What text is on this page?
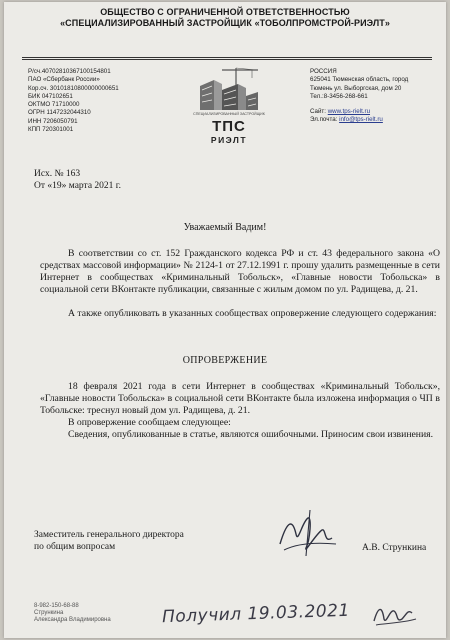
ОБЩЕСТВО С ОГРАНИЧЕННОЙ ОТВЕТСТВЕННОСТЬЮ
«СПЕЦИАЛИЗИРОВАННЫЙ ЗАСТРОЙЩИК «ТОБОЛПРОМСТРОЙ-РИЭЛТ»
Р/сч.40702810367100154801
ПАО «Сбербанк России»
Кор.сч. 30101810800000000651
БИК 047102651
ОКТМО 71710000
ОГРН 1147232044310
ИНН 7206050791
КПП 720301001
СПЕЦИАЛИЗИРОВАННЫЙ ЗАСТРОЙЩИК
ТПС
РИЭЛТ
РОССИЯ
625041 Тюменская область, город
Тюмень ул. Выборгская, дом 20
Тел.:8-3456-268-661
Сайт: www.tps-rielt.ru
Эл.почта: info@tps-rielt.ru
Исх. № 163
От «19» марта 2021 г.
Уважаемый Вадим!
В соответствии со ст. 152 Гражданского кодекса РФ и ст. 43 федерального закона «О средствах массовой информации» № 2124-1 от 27.12.1991 г. прошу удалить размещенные в сети Интернет в сообществах «Криминальный Тобольск», «Главные новости Тобольска» в социальной сети ВКонтакте публикации, связанные с жилым домом по ул. Радищева, д. 21.
А также опубликовать в указанных сообществах опровержение следующего содержания:
ОПРОВЕРЖЕНИЕ
18 февраля 2021 года в сети Интернет в сообществах «Криминальный Тобольск», «Главные новости Тобольска» в социальной сети ВКонтакте была изложена информация о ЧП в Тобольске: треснул новый дом ул. Радищева, д. 21.
В опровержение сообщаем следующее:
Сведения, опубликованные в статье, являются ошибочными. Приносим свои извинения.
Заместитель генерального директора
по общим вопросам	А.В. Стрункина
8-982-150-68-88
Стрункина
Александра Владимировна	Получил 19.03.2021
